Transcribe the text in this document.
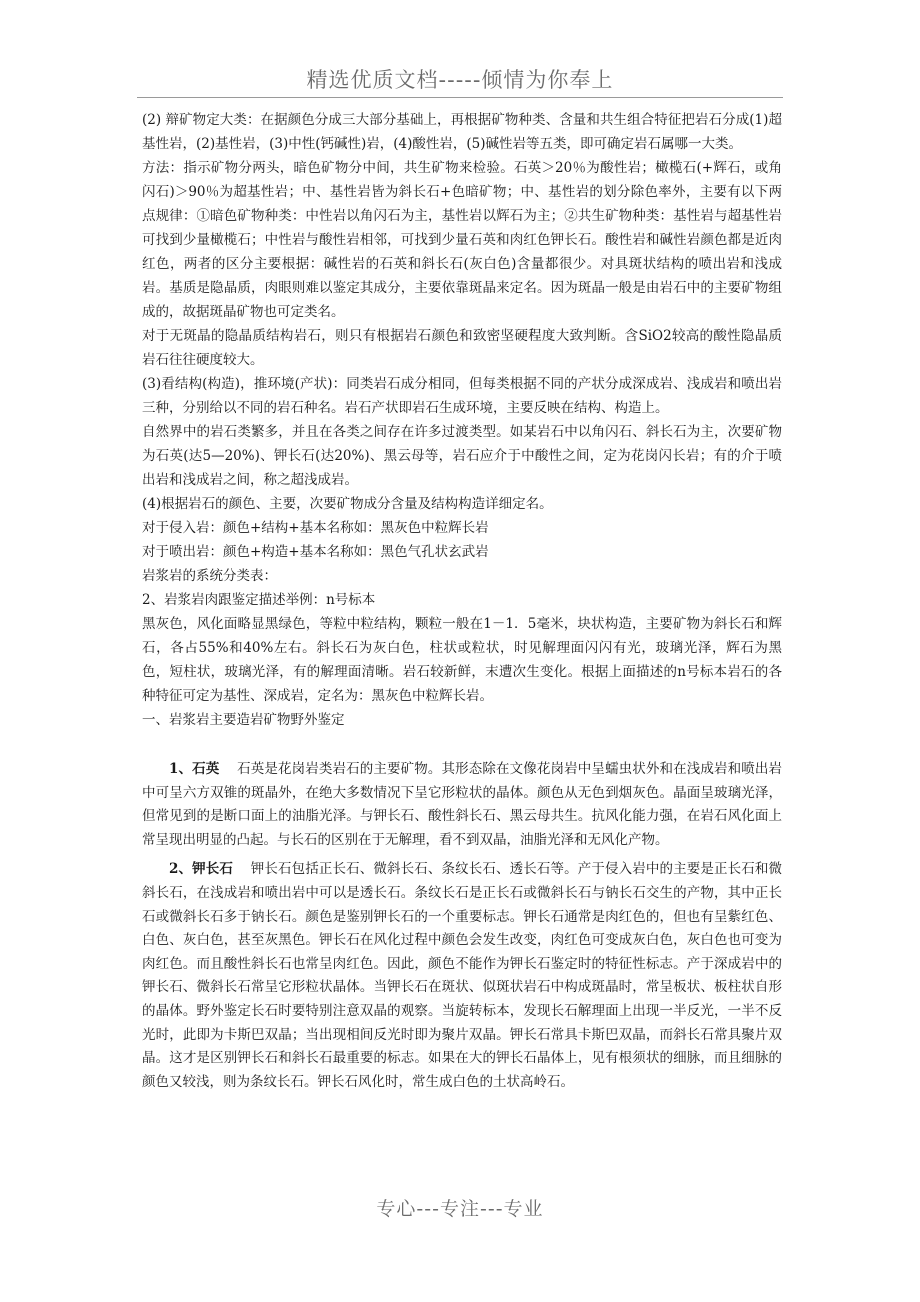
精选优质文档-----倾情为你奉上

(2) 辩矿物定大类：在据颜色分成三大部分基础上，再根据矿物种类、含量和共生组合特征把岩石分成(1)超基性岩，(2)基性岩，(3)中性(钙碱性)岩，(4)酸性岩，(5)碱性岩等五类，即可确定岩石属哪一大类。

方法：指示矿物分两头，暗色矿物分中间，共生矿物来检验。石英＞20％为酸性岩；橄榄石(+辉石，或角闪石)＞90％为超基性岩；中、基性岩皆为斜长石+色暗矿物；中、基性岩的划分除色率外，主要有以下两点规律：①暗色矿物种类：中性岩以角闪石为主，基性岩以辉石为主；②共生矿物种类：基性岩与超基性岩可找到少量橄榄石；中性岩与酸性岩相邻，可找到少量石英和肉红色钾长石。酸性岩和碱性岩颜色都是近肉红色，两者的区分主要根据：碱性岩的石英和斜长石(灰白色)含量都很少。对具斑状结构的喷出岩和浅成岩。基质是隐晶质，肉眼则难以鉴定其成分，主要依靠斑晶来定名。因为斑晶一般是由岩石中的主要矿物组成的，故据斑晶矿物也可定类名。

对于无斑晶的隐晶质结构岩石，则只有根据岩石颜色和致密坚硬程度大致判断。含SiO2较高的酸性隐晶质岩石往往硬度较大。

(3)看结构(构造)，推环境(产状)：同类岩石成分相同，但每类根据不同的产状分成深成岩、浅成岩和喷出岩三种，分别给以不同的岩石种名。岩石产状即岩石生成环境，主要反映在结构、构造上。

自然界中的岩石类繁多，并且在各类之间存在许多过渡类型。如某岩石中以角闪石、斜长石为主，次要矿物为石英(达5—20%)、钾长石(达20%)、黑云母等，岩石应介于中酸性之间，定为花岗闪长岩；有的介于喷出岩和浅成岩之间，称之超浅成岩。

(4)根据岩石的颜色、主要，次要矿物成分含量及结构构造详细定名。

对于侵入岩：颜色+结构+基本名称如：黑灰色中粒辉长岩

对于喷出岩：颜色+构造+基本名称如：黑色气孔状玄武岩

岩浆岩的系统分类表：

2、岩浆岩肉跟鉴定描述举例：n号标本

黑灰色，风化面略显黑绿色，等粒中粒结构，颗粒一般在1－1．5毫米，块状构造，主要矿物为斜长石和辉石，各占55%和40%左右。斜长石为灰白色，柱状或粒状，时见解理面闪闪有光，玻璃光泽，辉石为黑色，短柱状，玻璃光泽，有的解理面清晰。岩石较新鲜，末遭次生变化。根据上面描述的n号标本岩石的各种特征可定为基性、深成岩，定名为：黑灰色中粒辉长岩。

一、岩浆岩主要造岩矿物野外鉴定

1、石英 石英是花岗岩类岩石的主要矿物。其形态除在文像花岗岩中呈蠕虫状外和在浅成岩和喷出岩中可呈六方双锥的斑晶外，在绝大多数情况下呈它形粒状的晶体。颜色从无色到烟灰色。晶面呈玻璃光泽，但常见到的是断口面上的油脂光泽。与钾长石、酸性斜长石、黑云母共生。抗风化能力强，在岩石风化面上常呈现出明显的凸起。与长石的区别在于无解理，看不到双晶，油脂光泽和无风化产物。

2、钾长石 钾长石包括正长石、微斜长石、条纹长石、透长石等。产于侵入岩中的主要是正长石和微斜长石，在浅成岩和喷出岩中可以是透长石。条纹长石是正长石或微斜长石与钠长石交生的产物，其中正长石或微斜长石多于钠长石。颜色是鉴别钾长石的一个重要标志。钾长石通常是肉红色的，但也有呈紫红色、白色、灰白色，甚至灰黑色。钾长石在风化过程中颜色会发生改变，肉红色可变成灰白色，灰白色也可变为肉红色。而且酸性斜长石也常呈肉红色。因此，颜色不能作为钾长石鉴定时的特征性标志。产于深成岩中的钾长石、微斜长石常呈它形粒状晶体。当钾长石在斑状、似斑状岩石中构成斑晶时，常呈板状、板柱状自形的晶体。野外鉴定长石时要特别注意双晶的观察。当旋转标本，发现长石解理面上出现一半反光，一半不反光时，此即为卡斯巴双晶；当出现相间反光时即为聚片双晶。钾长石常具卡斯巴双晶，而斜长石常具聚片双晶。这才是区别钾长石和斜长石最重要的标志。如果在大的钾长石晶体上，见有根须状的细脉，而且细脉的颜色又较浅，则为条纹长石。钾长石风化时，常生成白色的土状高岭石。

专心---专注---专业
